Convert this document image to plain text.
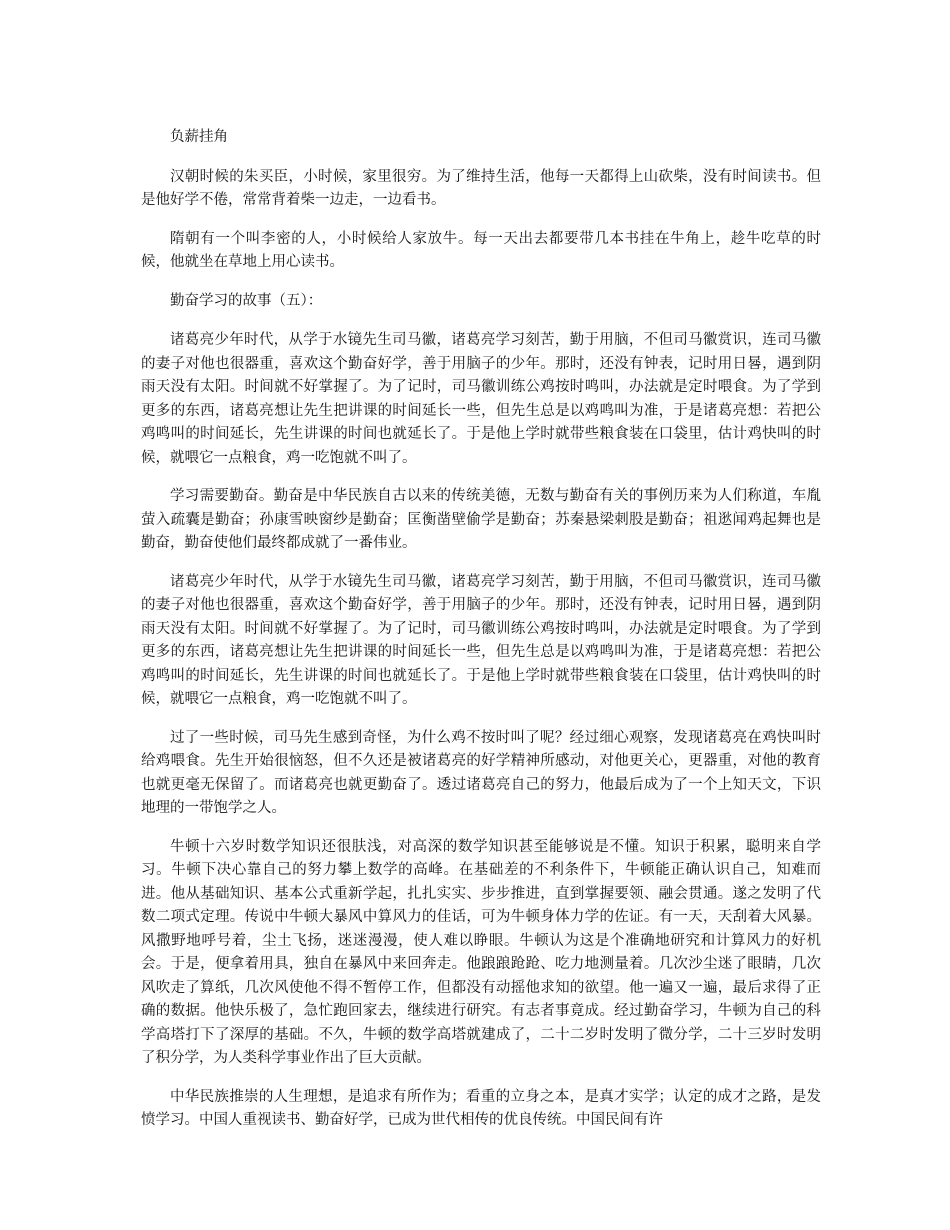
负薪挂角

汉朝时候的朱买臣，小时候，家里很穷。为了维持生活，他每一天都得上山砍柴，没有时间读书。但是他好学不倦，常常背着柴一边走，一边看书。

隋朝有一个叫李密的人，小时候给人家放牛。每一天出去都要带几本书挂在牛角上，趁牛吃草的时候，他就坐在草地上用心读书。

勤奋学习的故事（五）：

诸葛亮少年时代，从学于水镜先生司马徽，诸葛亮学习刻苦，勤于用脑，不但司马徽赏识，连司马徽的妻子对他也很器重，喜欢这个勤奋好学，善于用脑子的少年。那时，还没有钟表，记时用日晷，遇到阴雨天没有太阳。时间就不好掌握了。为了记时，司马徽训练公鸡按时鸣叫，办法就是定时喂食。为了学到更多的东西，诸葛亮想让先生把讲课的时间延长一些，但先生总是以鸡鸣叫为准，于是诸葛亮想：若把公鸡鸣叫的时间延长，先生讲课的时间也就延长了。于是他上学时就带些粮食装在口袋里，估计鸡快叫的时候，就喂它一点粮食，鸡一吃饱就不叫了。

学习需要勤奋。勤奋是中华民族自古以来的传统美德，无数与勤奋有关的事例历来为人们称道，车胤萤入疏囊是勤奋；孙康雪映窗纱是勤奋；匡衡凿壁偷学是勤奋；苏秦悬梁刺股是勤奋；祖逖闻鸡起舞也是勤奋，勤奋使他们最终都成就了一番伟业。

诸葛亮少年时代，从学于水镜先生司马徽，诸葛亮学习刻苦，勤于用脑，不但司马徽赏识，连司马徽的妻子对他也很器重，喜欢这个勤奋好学，善于用脑子的少年。那时，还没有钟表，记时用日晷，遇到阴雨天没有太阳。时间就不好掌握了。为了记时，司马徽训练公鸡按时鸣叫，办法就是定时喂食。为了学到更多的东西，诸葛亮想让先生把讲课的时间延长一些，但先生总是以鸡鸣叫为准，于是诸葛亮想：若把公鸡鸣叫的时间延长，先生讲课的时间也就延长了。于是他上学时就带些粮食装在口袋里，估计鸡快叫的时候，就喂它一点粮食，鸡一吃饱就不叫了。

过了一些时候，司马先生感到奇怪，为什么鸡不按时叫了呢？经过细心观察，发现诸葛亮在鸡快叫时给鸡喂食。先生开始很恼怒，但不久还是被诸葛亮的好学精神所感动，对他更关心，更器重，对他的教育也就更毫无保留了。而诸葛亮也就更勤奋了。透过诸葛亮自己的努力，他最后成为了一个上知天文，下识地理的一带饱学之人。

牛顿十六岁时数学知识还很肤浅，对高深的数学知识甚至能够说是不懂。知识于积累，聪明来自学习。牛顿下决心靠自己的努力攀上数学的高峰。在基础差的不利条件下，牛顿能正确认识自己，知难而进。他从基础知识、基本公式重新学起，扎扎实实、步步推进，直到掌握要领、融会贯通。遂之发明了代数二项式定理。传说中牛顿大暴风中算风力的佳话，可为牛顿身体力学的佐证。有一天，天刮着大风暴。风撒野地呼号着，尘土飞扬，迷迷漫漫，使人难以睁眼。牛顿认为这是个准确地研究和计算风力的好机会。于是，便拿着用具，独自在暴风中来回奔走。他踉踉跄跄、吃力地测量着。几次沙尘迷了眼睛，几次风吹走了算纸，几次风使他不得不暂停工作，但都没有动摇他求知的欲望。他一遍又一遍，最后求得了正确的数据。他快乐极了，急忙跑回家去，继续进行研究。有志者事竟成。经过勤奋学习，牛顿为自己的科学高塔打下了深厚的基础。不久，牛顿的数学高塔就建成了，二十二岁时发明了微分学，二十三岁时发明了积分学，为人类科学事业作出了巨大贡献。

中华民族推崇的人生理想，是追求有所作为；看重的立身之本，是真才实学；认定的成才之路，是发愤学习。中国人重视读书、勤奋好学，已成为世代相传的优良传统。中国民间有许
